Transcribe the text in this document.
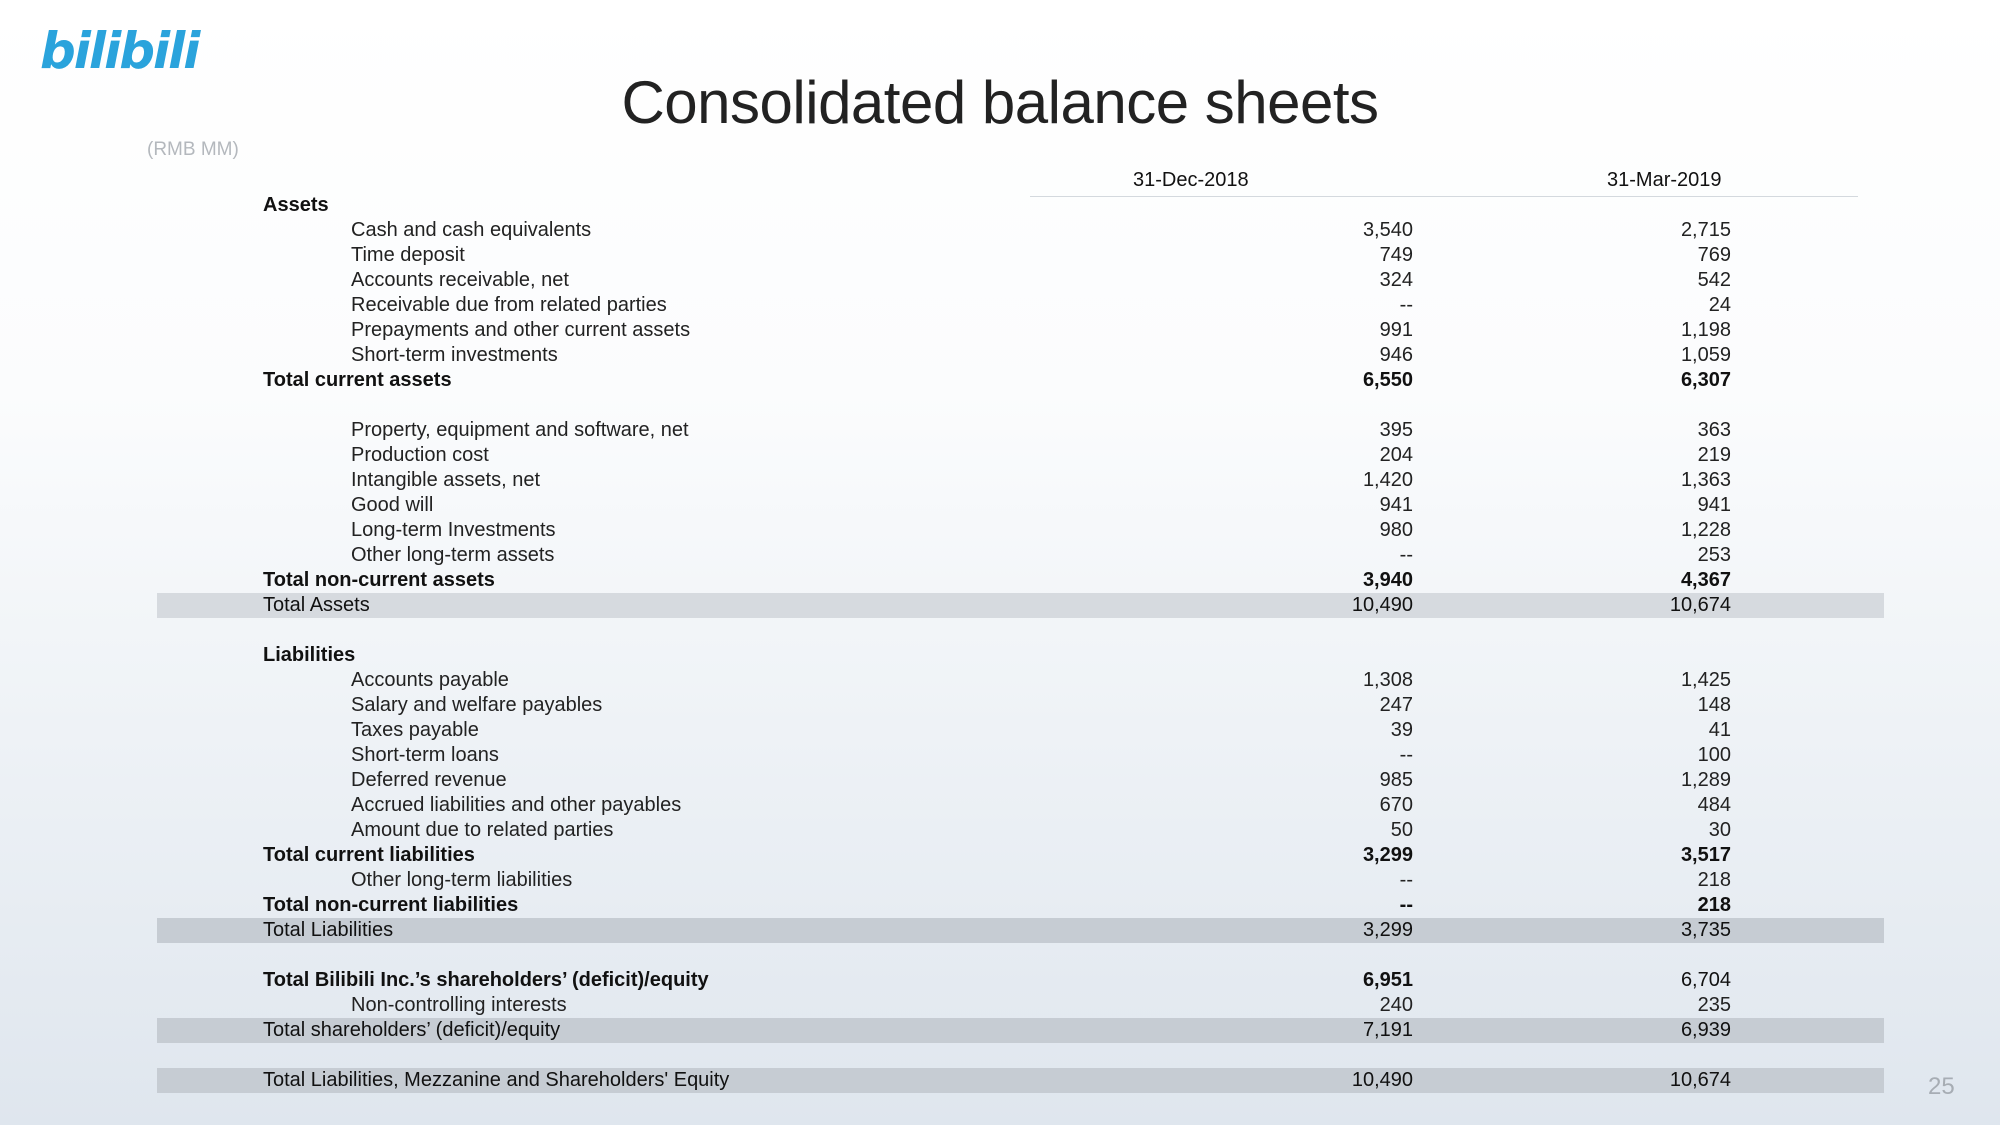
bilibili
Consolidated balance sheets
(RMB MM)
31-Dec-2018	31-Mar-2019
Assets
Cash and cash equivalents	3,540	2,715
Time deposit	749	769
Accounts receivable, net	324	542
Receivable due from related parties	--	24
Prepayments and other current assets	991	1,198
Short-term investments	946	1,059
Total current assets	6,550	6,307
Property, equipment and software, net	395	363
Production cost	204	219
Intangible assets, net	1,420	1,363
Good will	941	941
Long-term Investments	980	1,228
Other long-term assets	--	253
Total non-current assets	3,940	4,367
Total Assets	10,490	10,674
Liabilities
Accounts payable	1,308	1,425
Salary and welfare payables	247	148
Taxes payable	39	41
Short-term loans	--	100
Deferred revenue	985	1,289
Accrued liabilities and other payables	670	484
Amount due to related parties	50	30
Total current liabilities	3,299	3,517
Other long-term liabilities	--	218
Total non-current liabilities	--	218
Total Liabilities	3,299	3,735
Total Bilibili Inc.’s shareholders’ (deficit)/equity	6,951	6,704
Non-controlling interests	240	235
Total shareholders’ (deficit)/equity	7,191	6,939
Total Liabilities, Mezzanine and Shareholders' Equity	10,490	10,674	25
